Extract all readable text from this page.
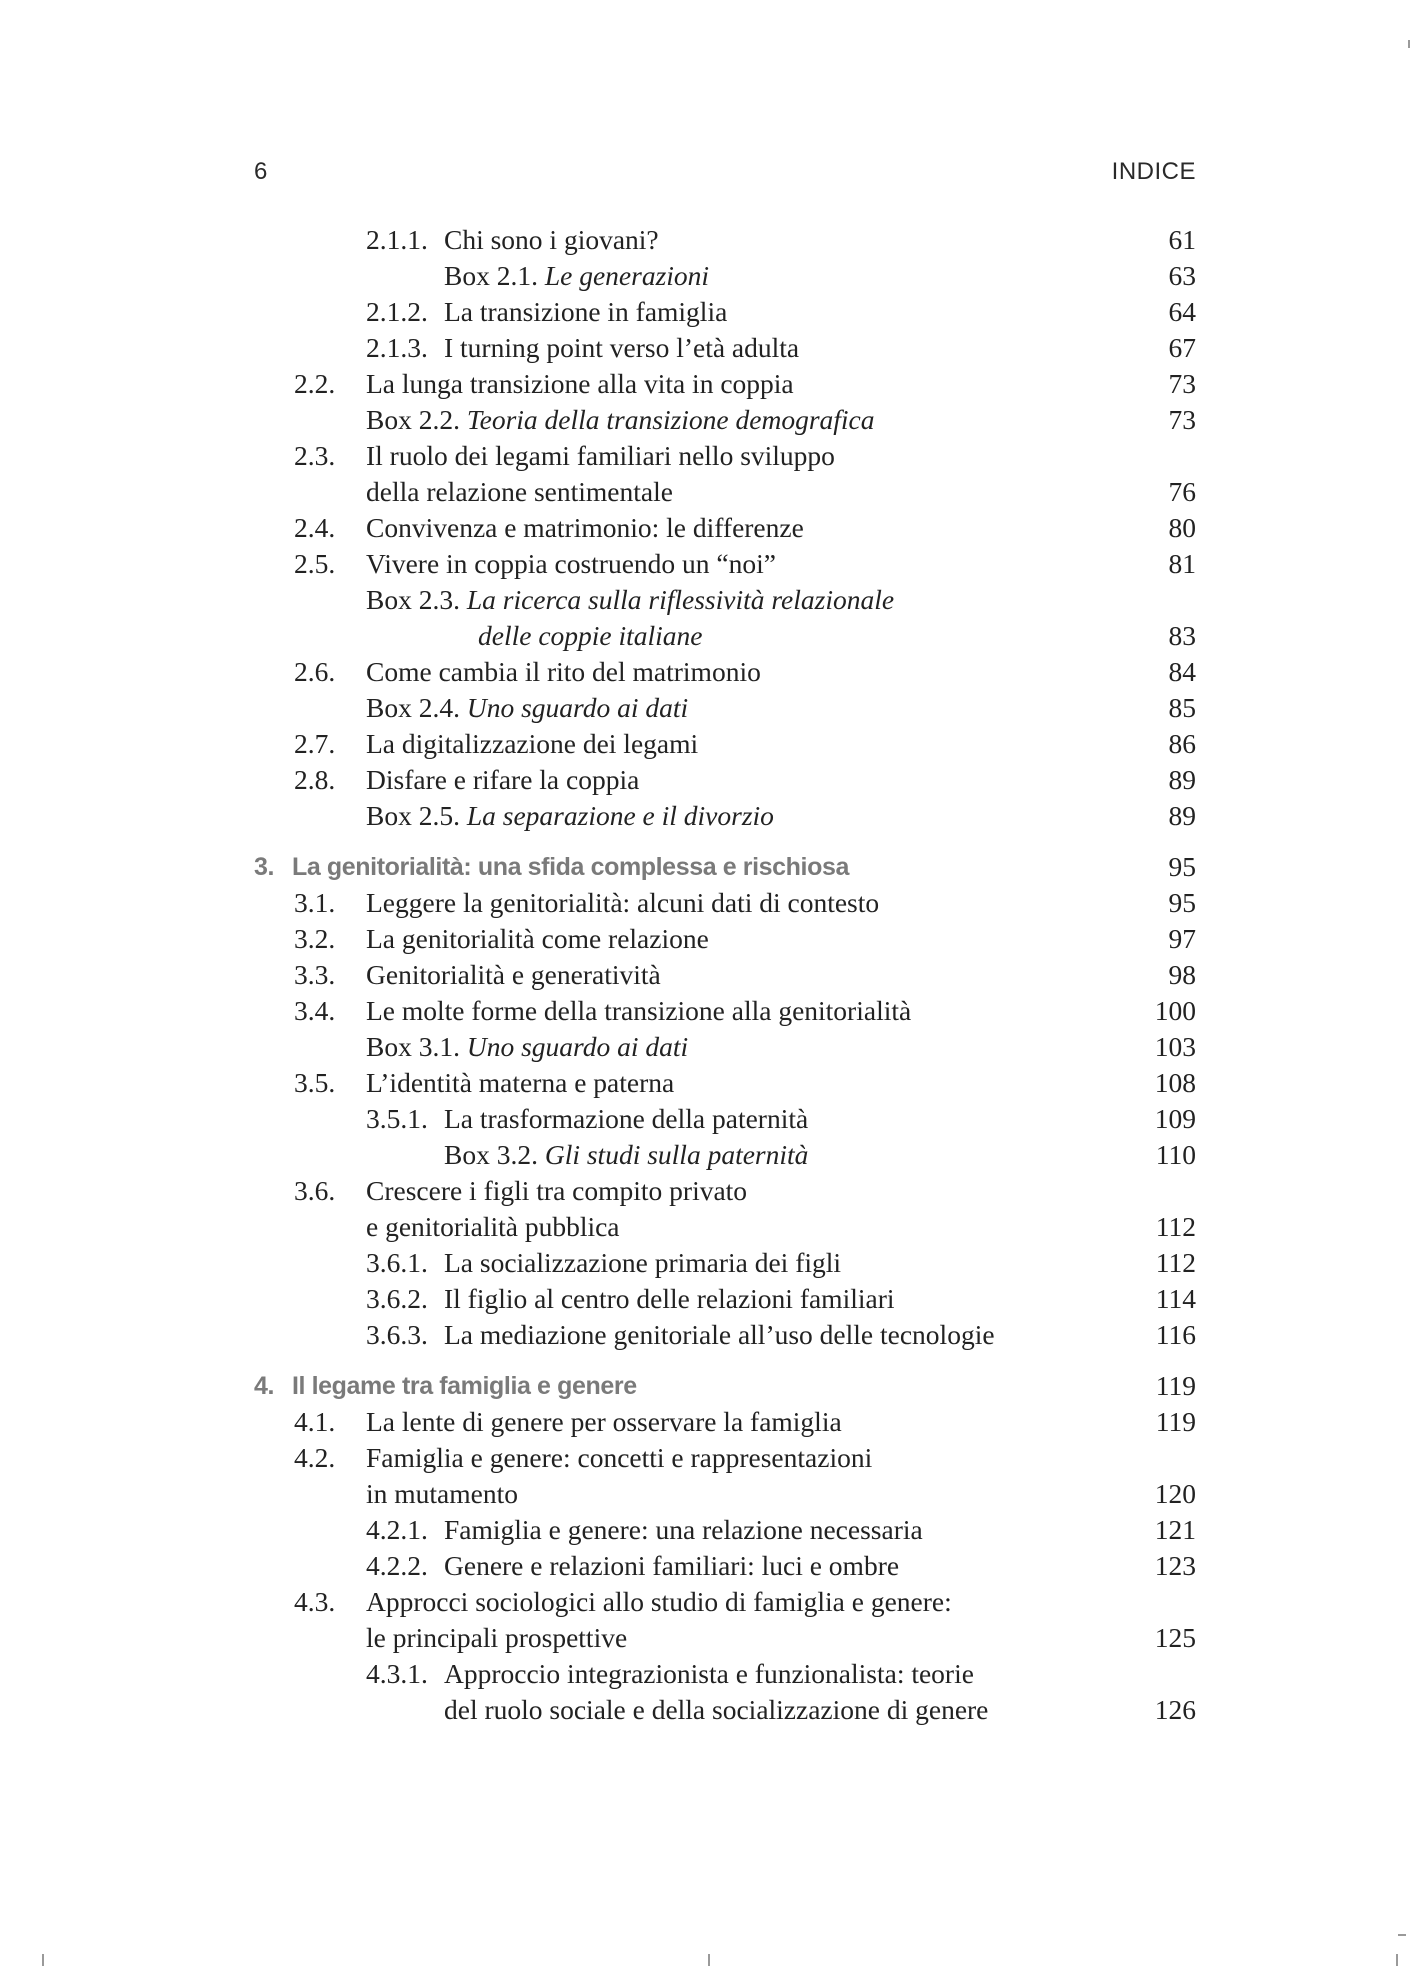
6	INDICE
2.1.1. Chi sono i giovani?	61
Box 2.1. Le generazioni	63
2.1.2. La transizione in famiglia	64
2.1.3. I turning point verso l’età adulta	67
2.2. La lunga transizione alla vita in coppia	73
Box 2.2. Teoria della transizione demografica	73
2.3. Il ruolo dei legami familiari nello sviluppo
della relazione sentimentale	76
2.4. Convivenza e matrimonio: le differenze	80
2.5. Vivere in coppia costruendo un “noi”	81
Box 2.3. La ricerca sulla riflessività relazionale
delle coppie italiane	83
2.6. Come cambia il rito del matrimonio	84
Box 2.4. Uno sguardo ai dati	85
2.7. La digitalizzazione dei legami	86
2.8. Disfare e rifare la coppia	89
Box 2.5. La separazione e il divorzio	89
3. La genitorialità: una sfida complessa e rischiosa	95
3.1. Leggere la genitorialità: alcuni dati di contesto	95
3.2. La genitorialità come relazione	97
3.3. Genitorialità e generatività	98
3.4. Le molte forme della transizione alla genitorialità	100
Box 3.1. Uno sguardo ai dati	103
3.5. L’identità materna e paterna	108
3.5.1. La trasformazione della paternità	109
Box 3.2. Gli studi sulla paternità	110
3.6. Crescere i figli tra compito privato
e genitorialità pubblica	112
3.6.1. La socializzazione primaria dei figli	112
3.6.2. Il figlio al centro delle relazioni familiari	114
3.6.3. La mediazione genitoriale all’uso delle tecnologie	116
4. Il legame tra famiglia e genere	119
4.1. La lente di genere per osservare la famiglia	119
4.2. Famiglia e genere: concetti e rappresentazioni
in mutamento	120
4.2.1. Famiglia e genere: una relazione necessaria	121
4.2.2. Genere e relazioni familiari: luci e ombre	123
4.3. Approcci sociologici allo studio di famiglia e genere:
le principali prospettive	125
4.3.1. Approccio integrazionista e funzionalista: teorie
del ruolo sociale e della socializzazione di genere	126
